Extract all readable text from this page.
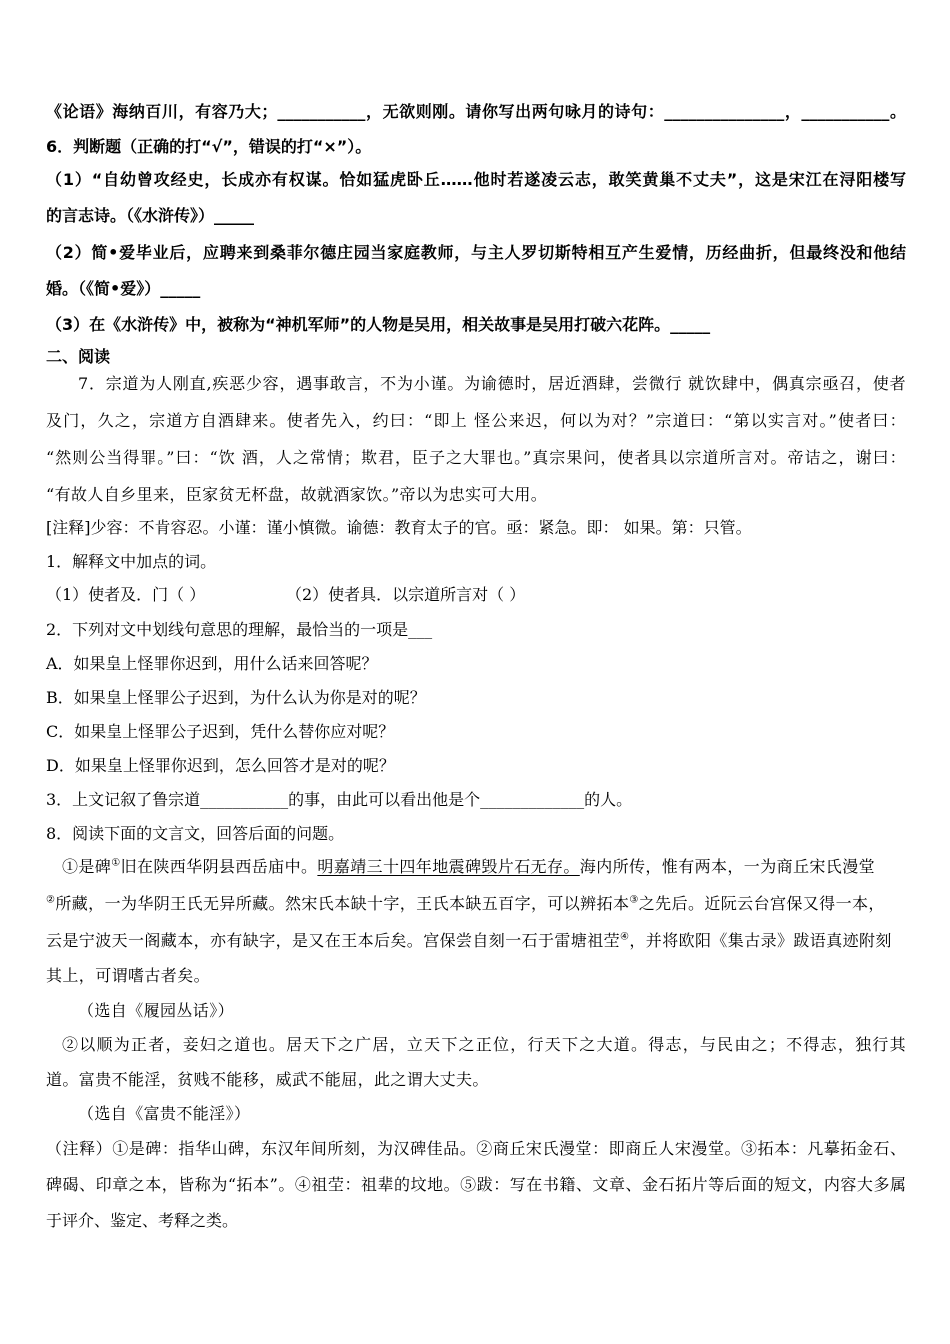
《论语》海纳百川，有容乃大；___________，无欲则刚。请你写出两句咏月的诗句：_______________，___________。
6．判断题（正确的打“√”，错误的打“×”）。
（1）“自幼曾攻经史，长成亦有权谋。恰如猛虎卧丘……他时若遂凌云志，敢笑黄巢不丈夫”，这是宋江在浔阳楼写
的言志诗。（《水浒传》）_____
（2）简•爱毕业后，应聘来到桑菲尔德庄园当家庭教师，与主人罗切斯特相互产生爱情，历经曲折，但最终没和他结
婚。（《简•爱》）_____
（3）在《水浒传》中，被称为“神机军师”的人物是吴用，相关故事是吴用打破六花阵。_____
二、阅读
7．宗道为人刚直,疾恶少容，遇事敢言，不为小谨。为谕德时，居近酒肆，尝微行 就饮肆中，偶真宗亟召，使者
及门，久之，宗道方自酒肆来。使者先入，约曰：“即上 怪公来迟，何以为对？”宗道曰：“第以实言对。”使者曰：
“然则公当得罪。”曰：“饮 酒，人之常情；欺君，臣子之大罪也。”真宗果问，使者具以宗道所言对。帝诘之，谢曰：
“有故人自乡里来，臣家贫无杯盘，故就酒家饮。”帝以为忠实可大用。
[注释]少容：不肯容忍。小谨：谨小慎微。谕德：教育太子的官。亟：紧急。即： 如果。第：只管。
1．解释文中加点的词。
（1）使者及．门（ ）	（2）使者具．以宗道所言对（ ）
2．下列对文中划线句意思的理解，最恰当的一项是___
A．如果皇上怪罪你迟到，用什么话来回答呢？
B．如果皇上怪罪公子迟到，为什么认为你是对的呢？
C．如果皇上怪罪公子迟到，凭什么替你应对呢？
D．如果皇上怪罪你迟到，怎么回答才是对的呢？
3．上文记叙了鲁宗道___________的事，由此可以看出他是个_____________的人。
8．阅读下面的文言文，回答后面的问题。
①是碑①旧在陕西华阴县西岳庙中。明嘉靖三十四年地震碑毁片石无存。海内所传，惟有两本，一为商丘宋氏漫堂
②所藏，一为华阴王氏无异所藏。然宋氏本缺十字，王氏本缺五百字，可以辨拓本③之先后。近阮云台宫保又得一本，
云是宁波天一阁藏本，亦有缺字，是又在王本后矣。宫保尝自刻一石于雷塘祖茔④，并将欧阳《集古录》跋语真迹附刻
其上，可谓嗜古者矣。
（选自《履园丛话》）
②以顺为正者，妾妇之道也。居天下之广居，立天下之正位，行天下之大道。得志，与民由之；不得志，独行其
道。富贵不能淫，贫贱不能移，威武不能屈，此之谓大丈夫。
（选自《富贵不能淫》）
（注释）①是碑：指华山碑，东汉年间所刻，为汉碑佳品。②商丘宋氏漫堂：即商丘人宋漫堂。③拓本：凡摹拓金石、
碑碣、印章之本，皆称为“拓本”。④祖茔：祖辈的坟地。⑤跋：写在书籍、文章、金石拓片等后面的短文，内容大多属
于评介、鉴定、考释之类。
